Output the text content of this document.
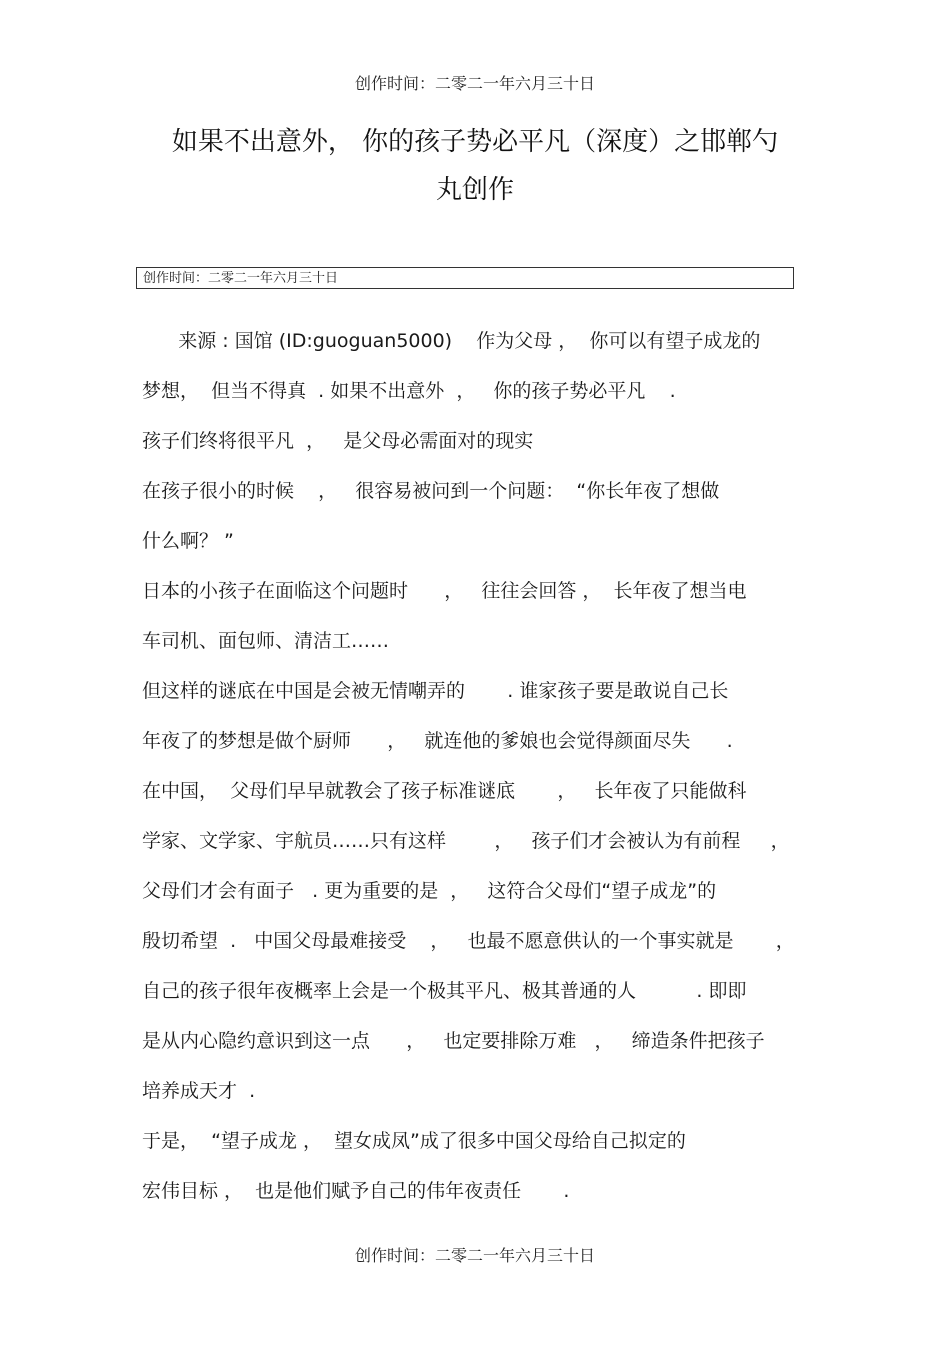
创作时间：二零二一年六月三十日
如果不出意外， 你的孩子势必平凡（深度）之邯郸勺
丸创作
创作时间：二零二一年六月三十日
来源 : 国馆 (ID:guoguan5000)    作为父母 ，  你可以有望子成龙的
梦想，  但当不得真  . 如果不出意外  ，   你的孩子势必平凡    .
孩子们终将很平凡  ，   是父母必需面对的现实
在孩子很小的时候    ，   很容易被问到一个问题：  “你长年夜了想做
什么啊？ ”
日本的小孩子在面临这个问题时      ，   往往会回答 ，  长年夜了想当电
车司机、面包师、清洁工……
但这样的谜底在中国是会被无情嘲弄的       . 谁家孩子要是敢说自己长
年夜了的梦想是做个厨师      ，   就连他的爹娘也会觉得颜面尽失      .
在中国，  父母们早早就教会了孩子标准谜底       ，   长年夜了只能做科
学家、文学家、宇航员……只有这样        ，   孩子们才会被认为有前程     ，
父母们才会有面子   . 更为重要的是  ，   这符合父母们“望子成龙”的
殷切希望  .   中国父母最难接受    ，   也最不愿意供认的一个事实就是       ，
自己的孩子很年夜概率上会是一个极其平凡、极其普通的人          . 即即
是从内心隐约意识到这一点      ，   也定要排除万难   ，   缔造条件把孩子
培养成天才  .
于是，  “望子成龙 ，  望女成凤”成了很多中国父母给自己拟定的
宏伟目标 ，  也是他们赋予自己的伟年夜责任       .
创作时间：二零二一年六月三十日
